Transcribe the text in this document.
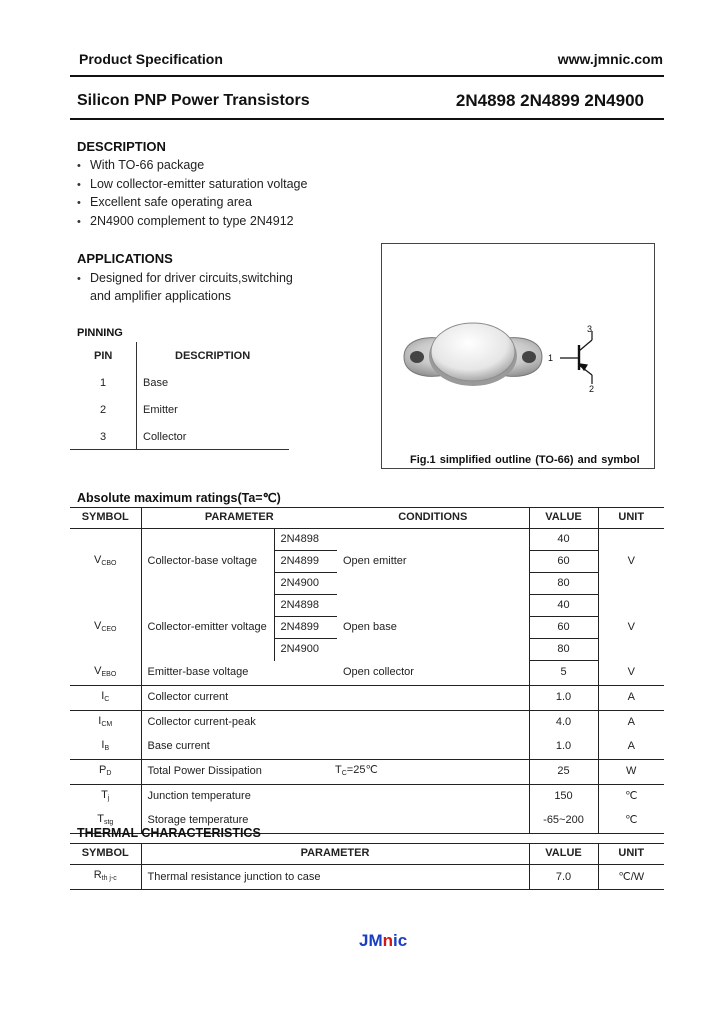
Product Specification	www.jmnic.com
Silicon PNP Power Transistors	2N4898 2N4899 2N4900
DESCRIPTION
• With TO-66 package
• Low collector-emitter saturation voltage
• Excellent safe operating area
• 2N4900 complement to type 2N4912
APPLICATIONS
• Designed for driver circuits,switching
and amplifier applications
PINNING
PIN	DESCRIPTION
1	Base
2	Emitter
3	Collector
3
1
2
Fig.1 simplified outline (TO-66) and symbol
Absolute maximum ratings(Ta=℃)
SYMBOL	PARAMETER		CONDITIONS	VALUE	UNIT
$V_{CBO}$	Collector-base voltage	2N4898	Open emitter	40	V
		2N4899		60	
		2N4900		80	
$V_{CEO}$	Collector-emitter voltage	2N4898	Open base	40	V
		2N4899		60	
		2N4900		80	
$V_{EBO}$	Emitter-base voltage		Open collector	5	V
$I_C$	Collector current			1.0	A
$I_{CM}$	Collector current-peak			4.0	A
$I_B$	Base current			1.0	A
$P_D$	Total Power Dissipation		$T_C=25℃$	25	W
$T_j$	Junction temperature			150	℃
$T_{stg}$	Storage temperature			-65~200	℃
THERMAL CHARACTERISTICS
SYMBOL	PARAMETER	VALUE	UNIT
$R_{th j-c}$	Thermal resistance junction to case	7.0	℃/W
JMnic
